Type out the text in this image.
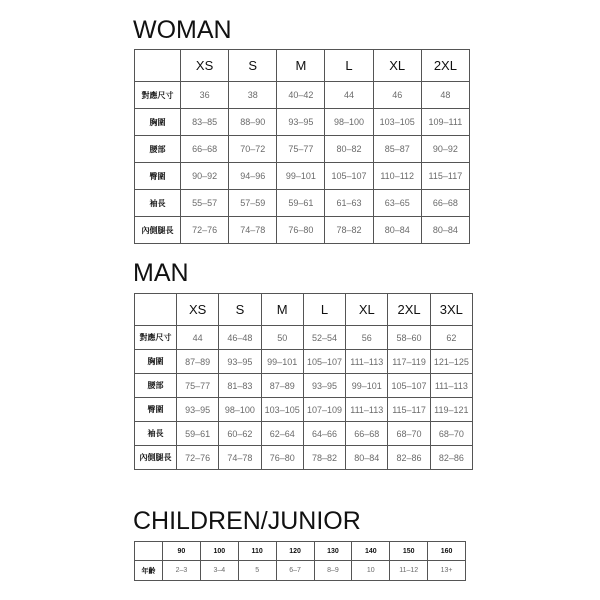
WOMAN
	XS	S	M	L	XL	2XL
對應尺寸	36	38	40–42	44	46	48
胸圍	83–85	88–90	93–95	98–100	103–105	109–111
腰部	66–68	70–72	75–77	80–82	85–87	90–92
臀圍	90–92	94–96	99–101	105–107	110–112	115–117
袖長	55–57	57–59	59–61	61–63	63–65	66–68
內側腿長	72–76	74–78	76–80	78–82	80–84	80–84
MAN
	XS	S	M	L	XL	2XL	3XL
對應尺寸	44	46–48	50	52–54	56	58–60	62
胸圍	87–89	93–95	99–101	105–107	111–113	117–119	121–125
腰部	75–77	81–83	87–89	93–95	99–101	105–107	111–113
臀圍	93–95	98–100	103–105	107–109	111–113	115–117	119–121
袖長	59–61	60–62	62–64	64–66	66–68	68–70	68–70
內側腿長	72–76	74–78	76–80	78–82	80–84	82–86	82–86
CHILDREN/JUNIOR
	90	100	110	120	130	140	150	160
年齡	2–3	3–4	5	6–7	8–9	10	11–12	13+
